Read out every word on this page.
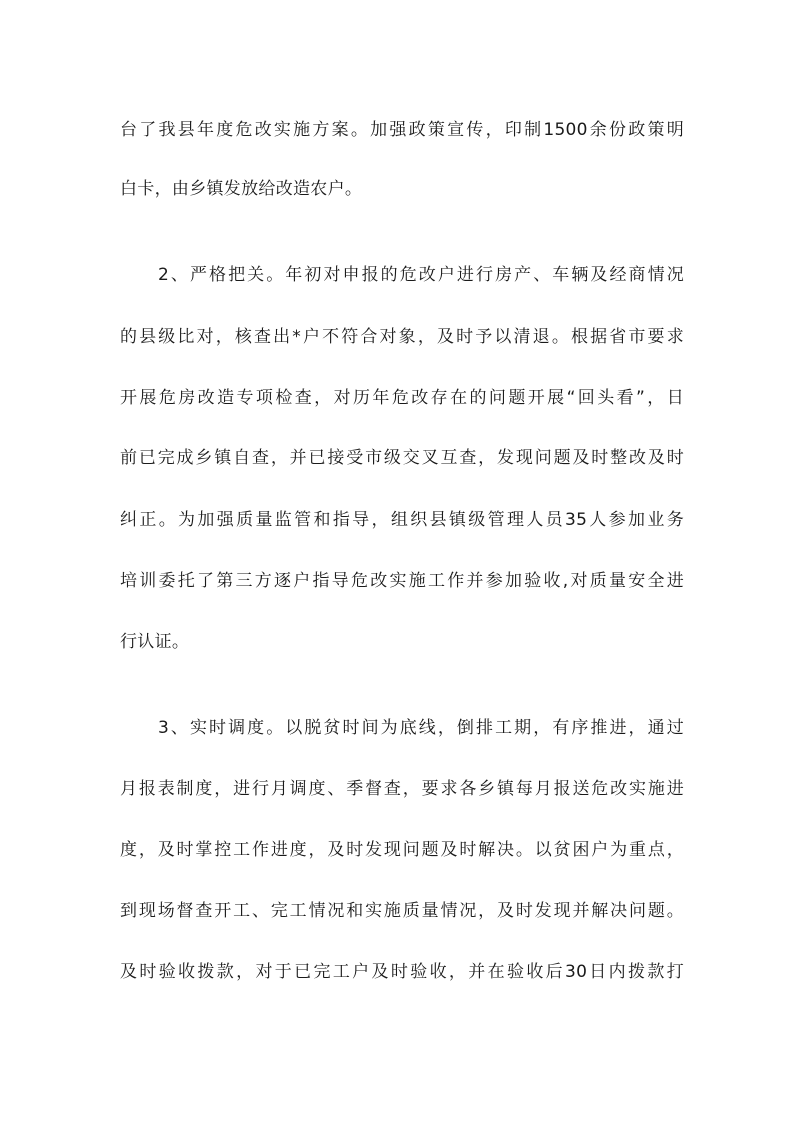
台了我县年度危改实施方案。加强政策宣传，印制1500余份政策明
白卡，由乡镇发放给改造农户。
2、严格把关。年初对申报的危改户进行房产、车辆及经商情况
的县级比对，核查出*户不符合对象，及时予以清退。根据省市要求
开展危房改造专项检查，对历年危改存在的问题开展“回头看”，日
前已完成乡镇自查，并已接受市级交叉互查，发现问题及时整改及时
纠正。为加强质量监管和指导，组织县镇级管理人员35人参加业务
培训委托了第三方逐户指导危改实施工作并参加验收,对质量安全进
行认证。
3、实时调度。以脱贫时间为底线，倒排工期，有序推进，通过
月报表制度，进行月调度、季督查，要求各乡镇每月报送危改实施进
度，及时掌控工作进度，及时发现问题及时解决。以贫困户为重点，
到现场督查开工、完工情况和实施质量情况，及时发现并解决问题。
及时验收拨款，对于已完工户及时验收，并在验收后30日内拨款打
